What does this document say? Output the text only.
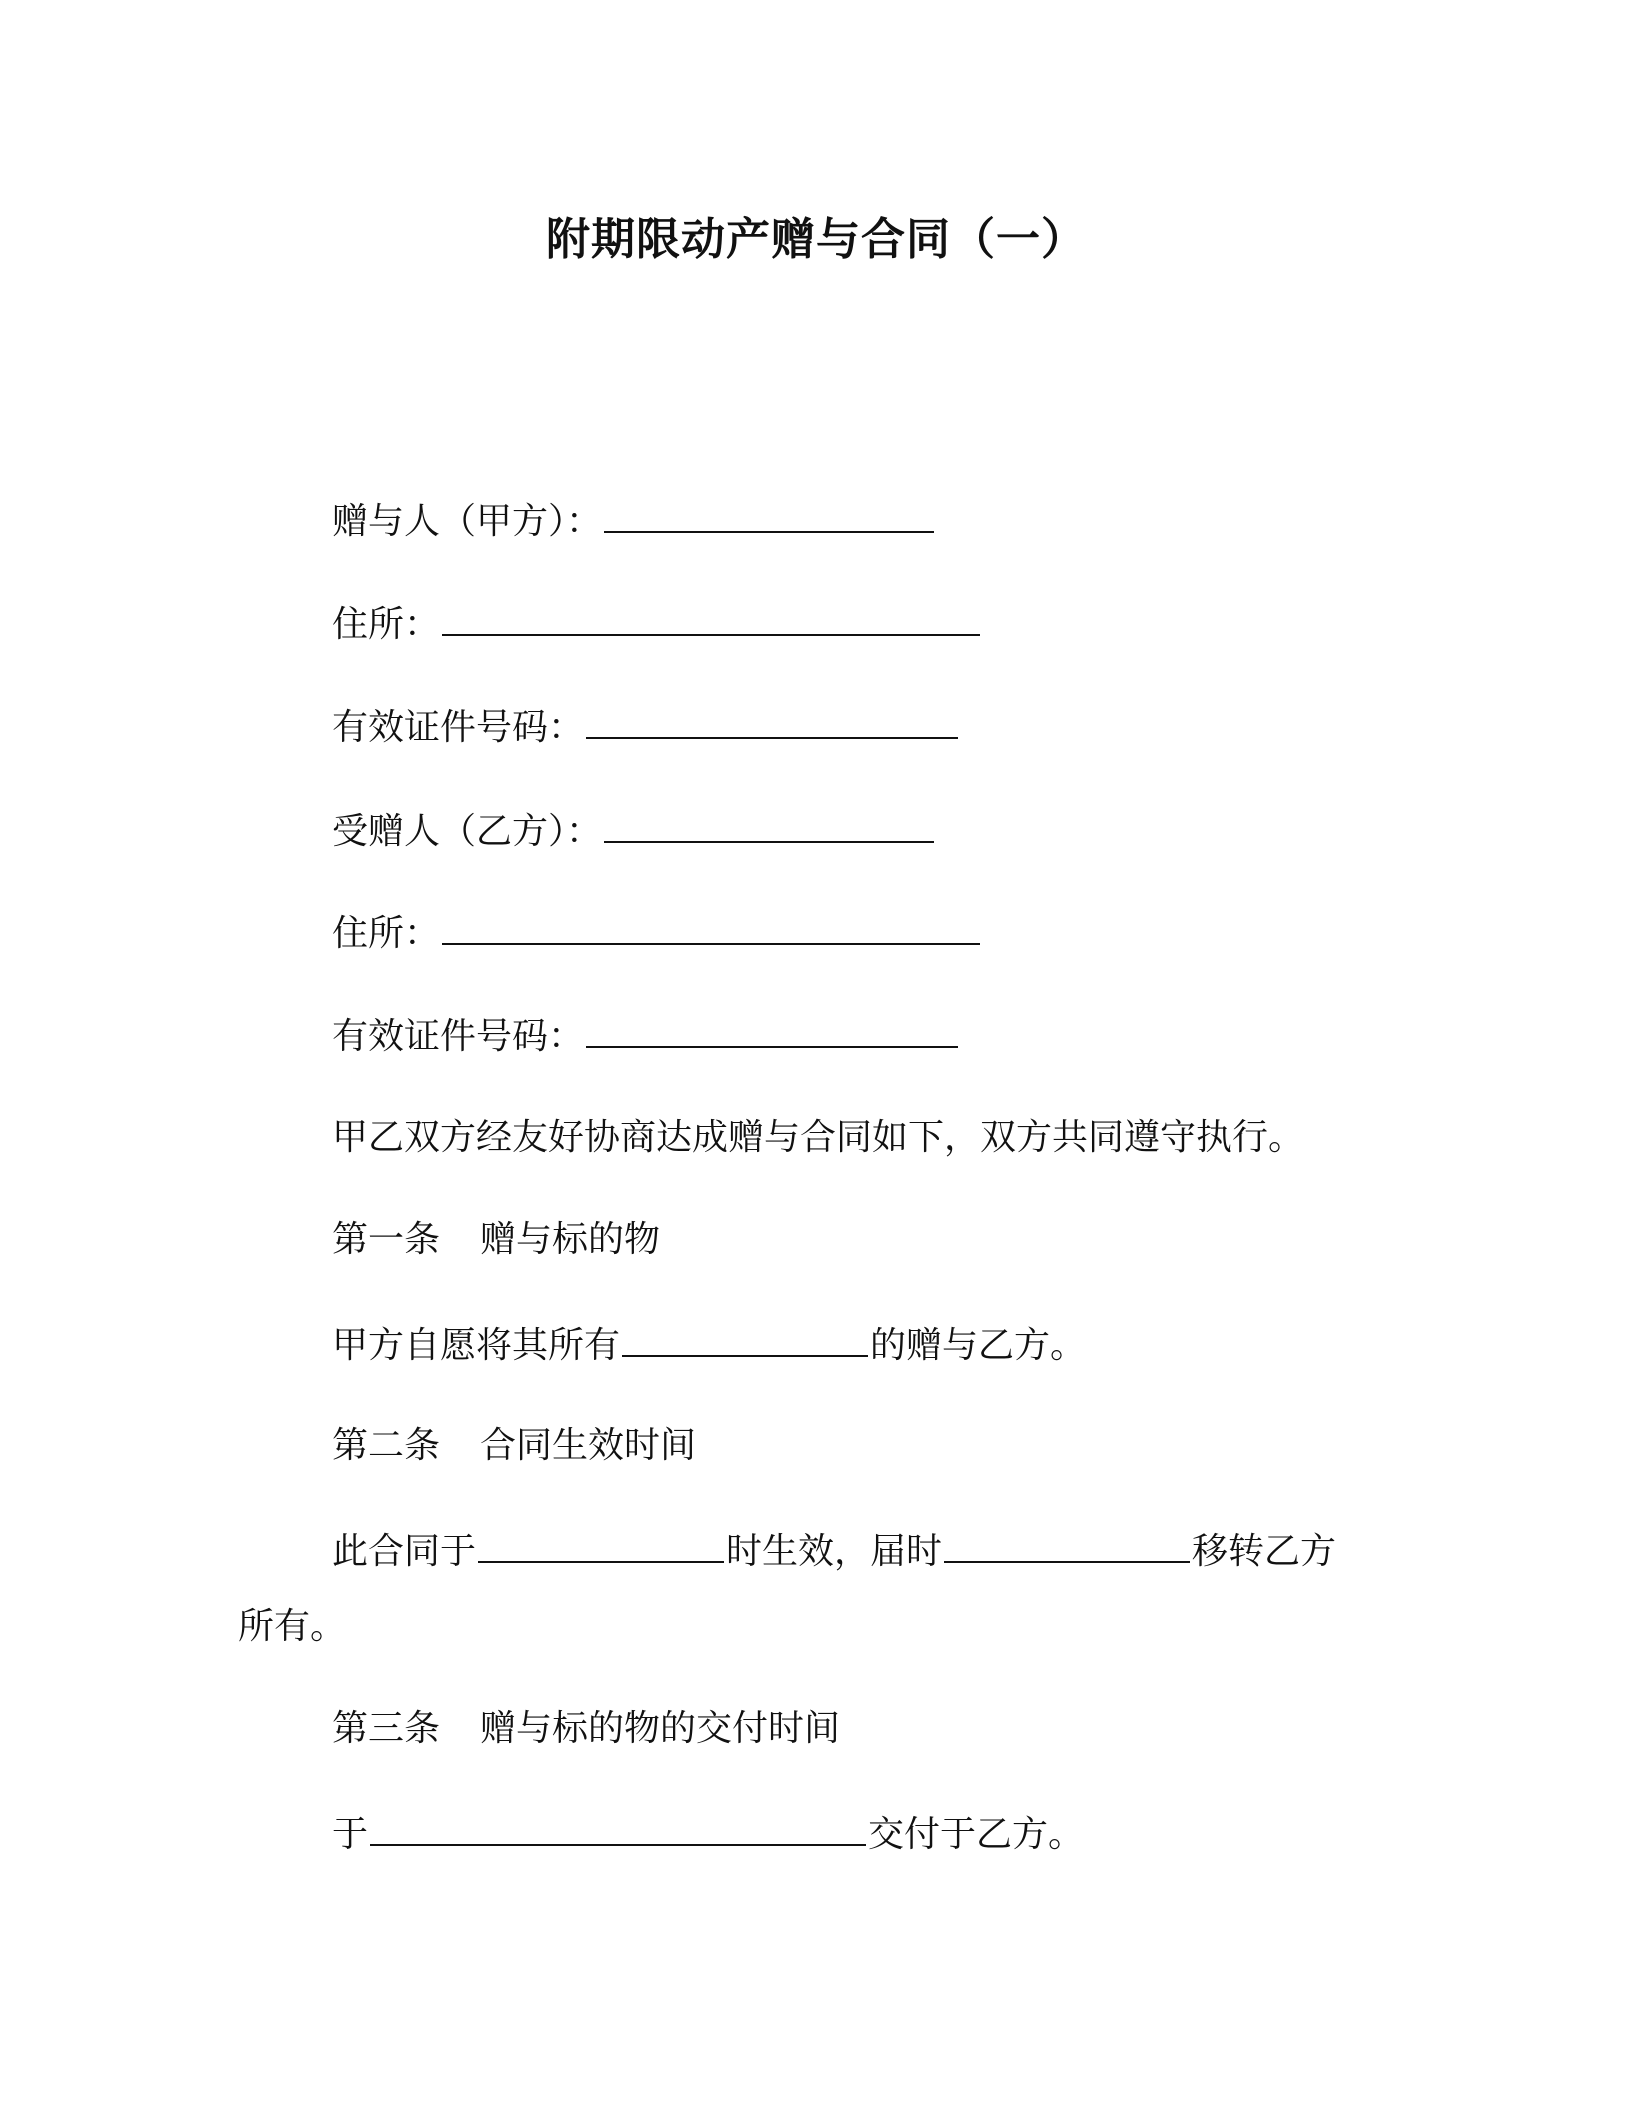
附期限动产赠与合同（一）
赠与人（甲方）：
住所：
有效证件号码：
受赠人（乙方）：
住所：
有效证件号码：
甲乙双方经友好协商达成赠与合同如下，双方共同遵守执行。
第一条 赠与标的物
甲方自愿将其所有	的赠与乙方。
第二条 合同生效时间
此合同于	时生效，届时	移转乙方
所有。
第三条 赠与标的物的交付时间
于	交付于乙方。
